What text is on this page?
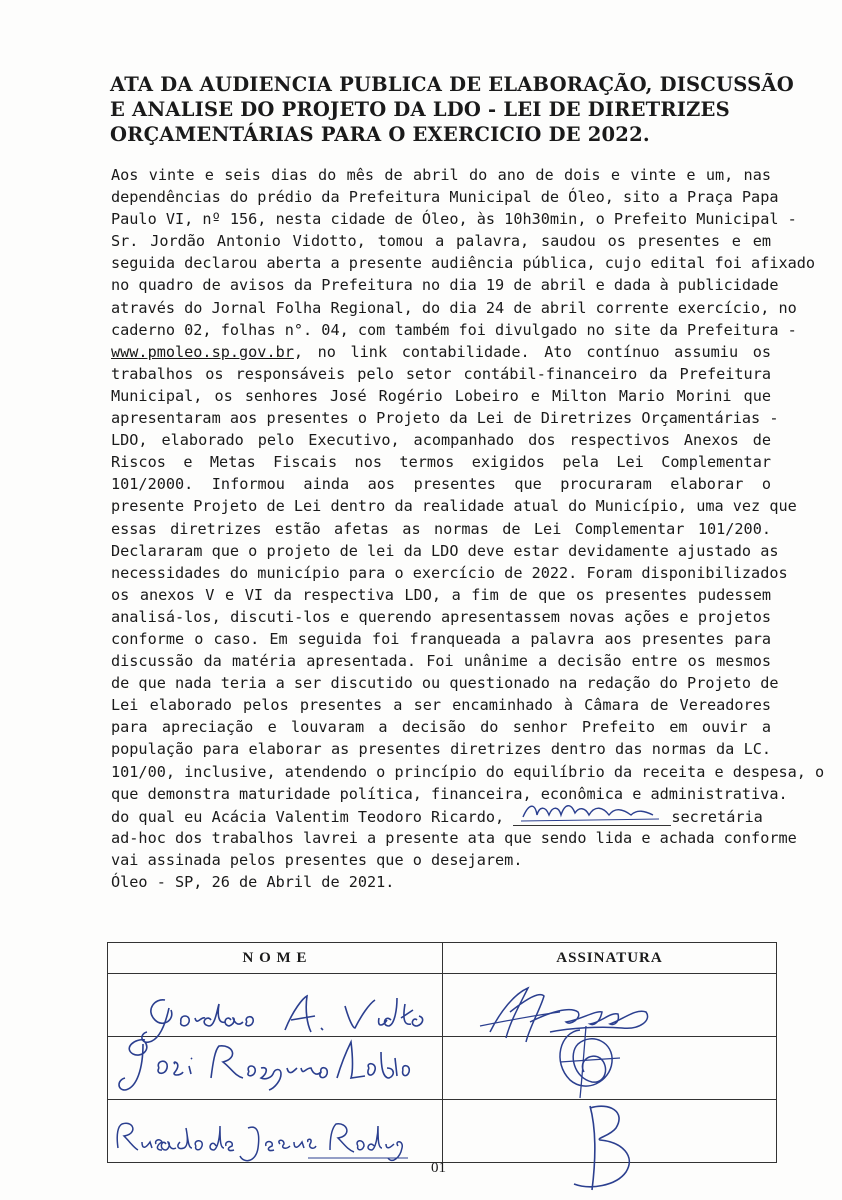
ATA DA AUDIENCIA PUBLICA DE ELABORAÇÃO, DISCUSSÃO
E ANALISE DO PROJETO DA LDO - LEI DE DIRETRIZES
ORÇAMENTÁRIAS PARA O EXERCICIO DE 2022.
Aos vinte e seis dias do mês de abril do ano de dois e vinte e um, nas
dependências do prédio da Prefeitura Municipal de Óleo, sito a Praça Papa
Paulo VI, nº 156, nesta cidade de Óleo, às 10h30min, o Prefeito Municipal -
Sr. Jordão Antonio Vidotto, tomou a palavra, saudou os presentes e em
seguida declarou aberta a presente audiência pública, cujo edital foi afixado
no quadro de avisos da Prefeitura no dia 19 de abril e dada à publicidade
através do Jornal Folha Regional, do dia 24 de abril corrente exercício, no
caderno 02, folhas n°. 04, com também foi divulgado no site da Prefeitura -
www.pmoleo.sp.gov.br, no link contabilidade. Ato contínuo assumiu os
trabalhos os responsáveis pelo setor contábil-financeiro da Prefeitura
Municipal, os senhores José Rogério Lobeiro e Milton Mario Morini que
apresentaram aos presentes o Projeto da Lei de Diretrizes Orçamentárias -
LDO, elaborado pelo Executivo, acompanhado dos respectivos Anexos de
Riscos e Metas Fiscais nos termos exigidos pela Lei Complementar
101/2000. Informou ainda aos presentes que procuraram elaborar o
presente Projeto de Lei dentro da realidade atual do Município, uma vez que
essas diretrizes estão afetas as normas de Lei Complementar 101/200.
Declararam que o projeto de lei da LDO deve estar devidamente ajustado as
necessidades do município para o exercício de 2022. Foram disponibilizados
os anexos V e VI da respectiva LDO, a fim de que os presentes pudessem
analisá-los, discuti-los e querendo apresentassem novas ações e projetos
conforme o caso. Em seguida foi franqueada a palavra aos presentes para
discussão da matéria apresentada. Foi unânime a decisão entre os mesmos
de que nada teria a ser discutido ou questionado na redação do Projeto de
Lei elaborado pelos presentes a ser encaminhado à Câmara de Vereadores
para apreciação e louvaram a decisão do senhor Prefeito em ouvir a
população para elaborar as presentes diretrizes dentro das normas da LC.
101/00, inclusive, atendendo o princípio do equilíbrio da receita e despesa, o
que demonstra maturidade política, financeira, econômica e administrativa.
do qual eu Acácia Valentim Teodoro Ricardo,	secretária
ad-hoc dos trabalhos lavrei a presente ata que sendo lida e achada conforme
vai assinada pelos presentes que o desejarem.
Óleo - SP, 26 de Abril de 2021.
N O M E	ASSINATURA

01
